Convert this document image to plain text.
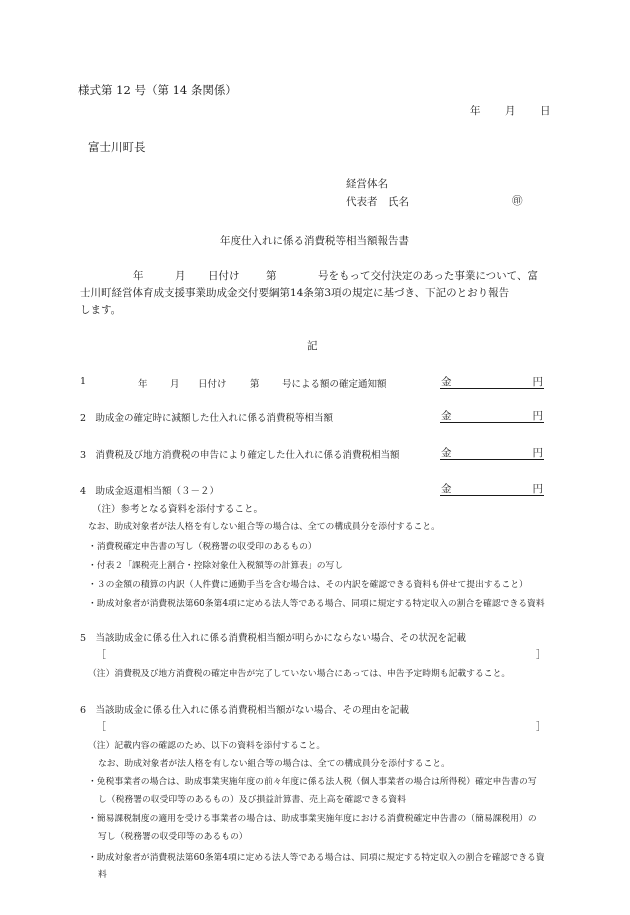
様式第 12 号（第 14 条関係）
年 月 日
富士川町長
経営体名
代表者　氏名	㊞
年度仕入れに係る消費税等相当額報告書
年	月 日付け	第	号をもって交付決定のあった事業について、富
士川町経営体育成支援事業助成金交付要綱第14条第3項の規定に基づき、下記のとおり報告
します。
記
1	年 月 日付け 第 号による額の確定通知額	金	円
2　助成金の確定時に減額した仕入れに係る消費税等相当額	金	円
3　消費税及び地方消費税の申告により確定した仕入れに係る消費税相当額	金	円
4　助成金返還相当額（３－２）	金	円
（注）参考となる資料を添付すること。
なお、助成対象者が法人格を有しない組合等の場合は、全ての構成員分を添付すること。
・消費税確定申告書の写し（税務署の収受印のあるもの）
・付表２「課税売上割合・控除対象仕入税額等の計算表」の写し
・３の金額の積算の内訳（人件費に通勤手当を含む場合は、その内訳を確認できる資料も併せて提出すること）
・助成対象者が消費税法第60条第4項に定める法人等である場合、同項に規定する特定収入の割合を確認できる資料
5　当該助成金に係る仕入れに係る消費税相当額が明らかにならない場合、その状況を記載
［	］
（注）消費税及び地方消費税の確定申告が完了していない場合にあっては、申告予定時期も記載すること。
6　当該助成金に係る仕入れに係る消費税相当額がない場合、その理由を記載
［	］
（注）記載内容の確認のため、以下の資料を添付すること。
なお、助成対象者が法人格を有しない組合等の場合は、全ての構成員分を添付すること。
・免税事業者の場合は、助成事業実施年度の前々年度に係る法人税（個人事業者の場合は所得税）確定申告書の写
し（税務署の収受印等のあるもの）及び損益計算書、売上高を確認できる資料
・簡易課税制度の適用を受ける事業者の場合は、助成事業実施年度における消費税確定申告書の（簡易課税用）の
写し（税務署の収受印等のあるもの）
・助成対象者が消費税法第60条第4項に定める法人等である場合は、同項に規定する特定収入の割合を確認できる資
料
